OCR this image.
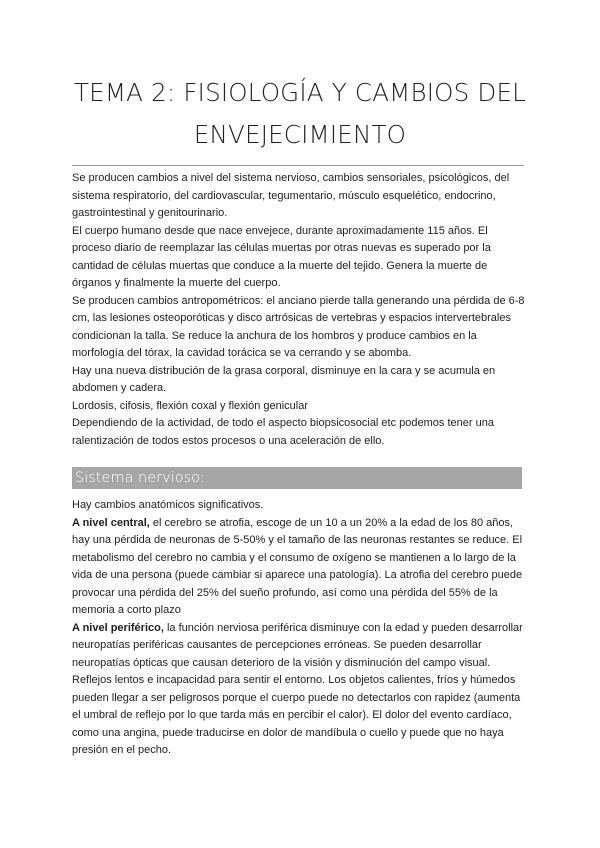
TEMA 2: FISIOLOGÍA Y CAMBIOS DEL
ENVEJECIMIENTO

Se producen cambios a nivel del sistema nervioso, cambios sensoriales, psicológicos, del sistema respiratorio, del cardiovascular, tegumentario, músculo esquelético, endocrino, gastrointestinal y genitourinario.

El cuerpo humano desde que nace envejece, durante aproximadamente 115 años. El proceso diario de reemplazar las células muertas por otras nuevas es superado por la cantidad de células muertas que conduce a la muerte del tejido. Genera la muerte de órganos y finalmente la muerte del cuerpo.

Se producen cambios antropométricos: el anciano pierde talla generando una pérdida de 6-8 cm, las lesiones osteoporóticas y disco artrósicas de vertebras y espacios intervertebrales condicionan la talla. Se reduce la anchura de los hombros y produce cambios en la morfología del tórax, la cavidad torácica se va cerrando y se abomba.

Hay una nueva distribución de la grasa corporal, disminuye en la cara y se acumula en abdomen y cadera.

Lordosis, cifosis, flexión coxal y flexión genicular

Dependiendo de la actividad, de todo el aspecto biopsicosocial etc podemos tener una ralentización de todos estos procesos o una aceleración de ello.

Sistema nervioso:

Hay cambios anatómicos significativos.

A nivel central, el cerebro se atrofia, escoge de un 10 a un 20% a la edad de los 80 años, hay una pérdida de neuronas de 5-50% y el tamaño de las neuronas restantes se reduce. El metabolismo del cerebro no cambia y el consumo de oxígeno se mantienen a lo largo de la vida de una persona (puede cambiar si aparece una patología). La atrofia del cerebro puede provocar una pérdida del 25% del sueño profundo, así como una pérdida del 55% de la memoria a corto plazo

A nivel periférico, la función nerviosa periférica disminuye con la edad y pueden desarrollar neuropatías periféricas causantes de percepciones erróneas. Se pueden desarrollar neuropatías ópticas que causan deterioro de la visión y disminución del campo visual.

Reflejos lentos e incapacidad para sentir el entorno. Los objetos calientes, fríos y húmedos pueden llegar a ser peligrosos porque el cuerpo puede no detectarlos con rapidez (aumenta el umbral de reflejo por lo que tarda más en percibir el calor). El dolor del evento cardíaco, como una angina, puede traducirse en dolor de mandíbula o cuello y puede que no haya presión en el pecho.
